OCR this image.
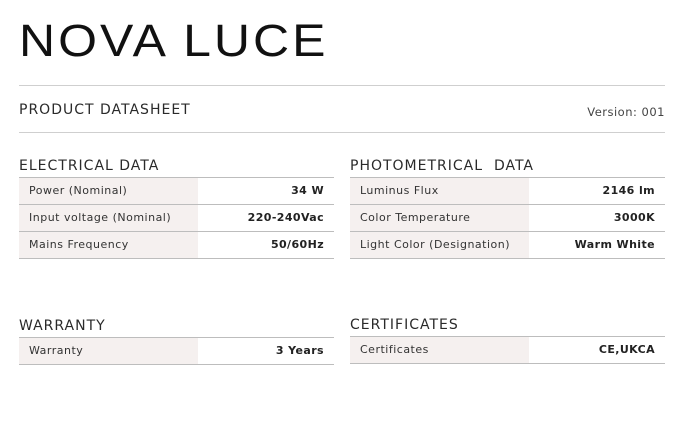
NOVA LUCE
PRODUCT DATASHEET	Version: 001
ELECTRICAL DATA
Power (Nominal)	34 W
Input voltage (Nominal)	220-240Vac
Mains Frequency	50/60Hz
PHOTOMETRICAL  DATA
Luminus Flux	2146 lm
Color Temperature	3000K
Light Color (Designation)	Warm White
WARRANTY
Warranty	3 Years
CERTIFICATES
Certificates	CE,UKCA
